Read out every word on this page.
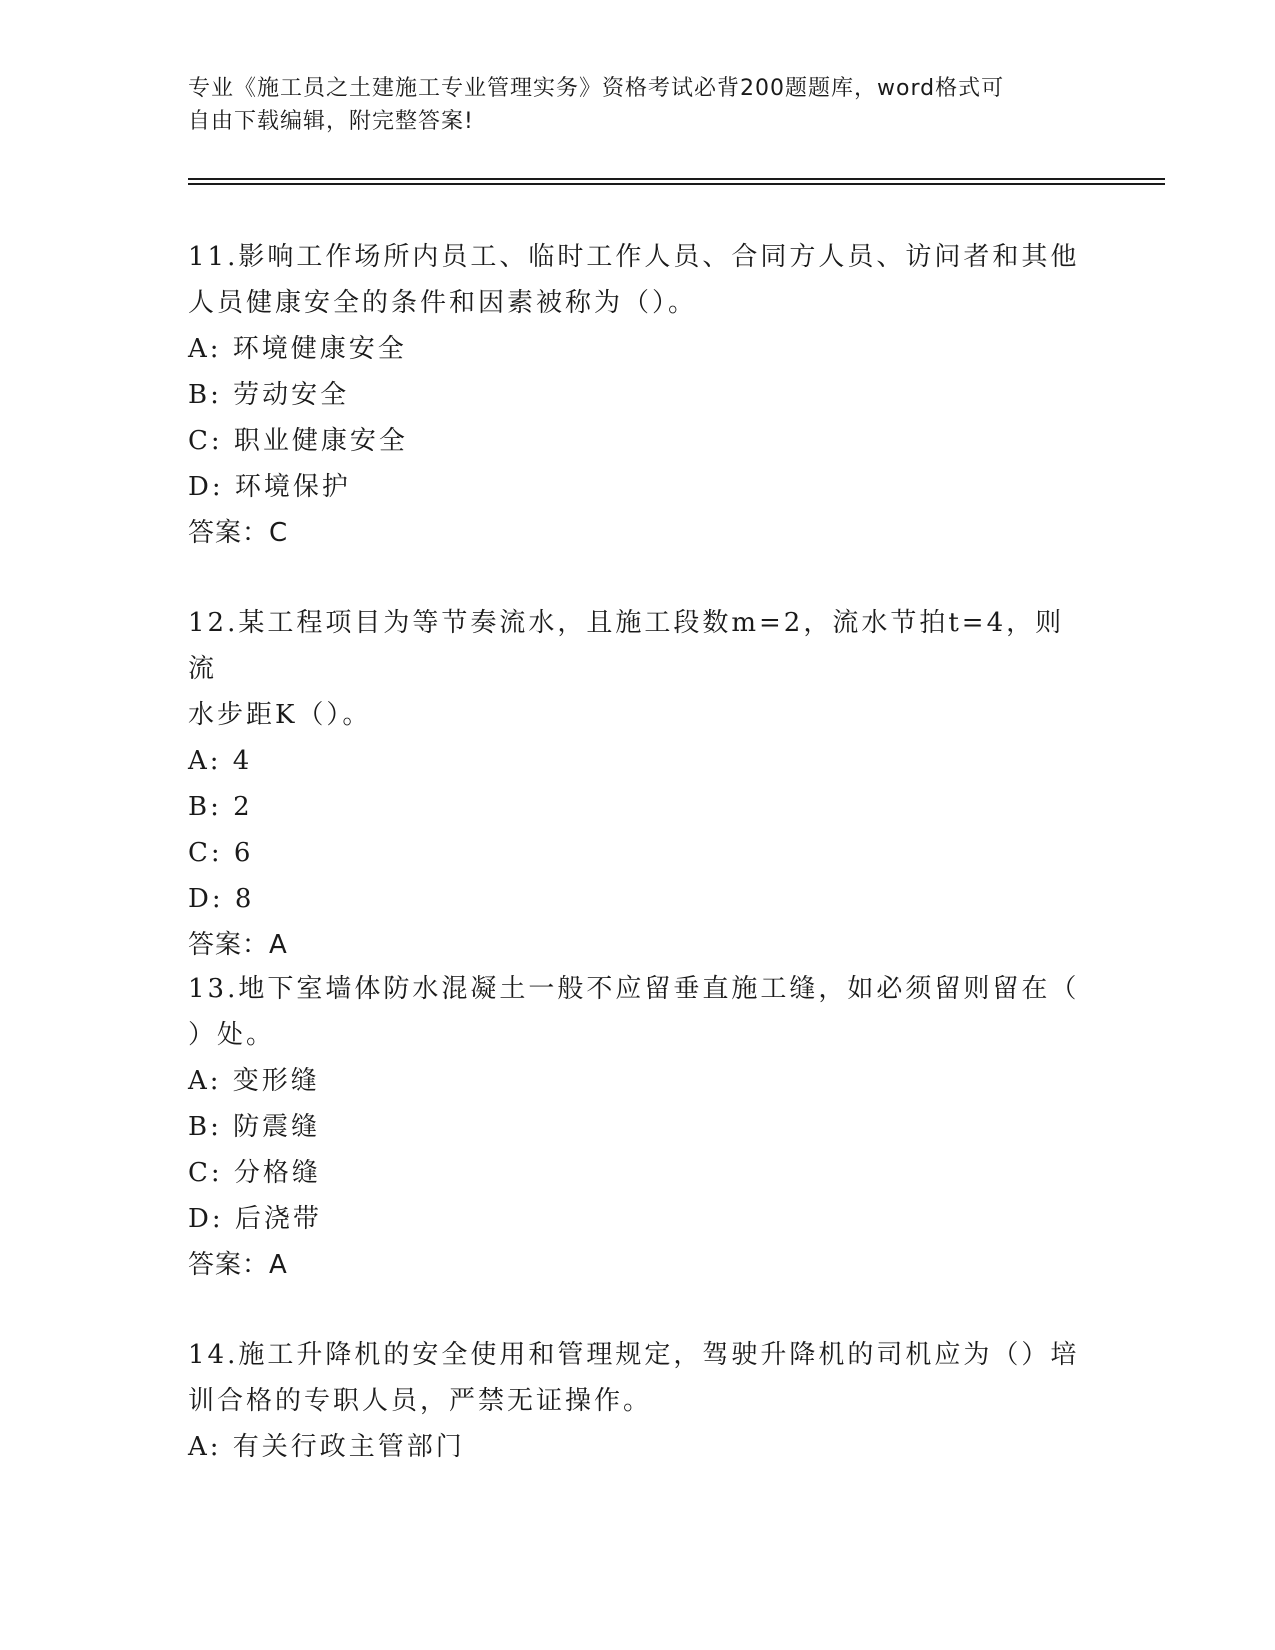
专业《施工员之土建施工专业管理实务》资格考试必背200题题库，word格式可
自由下载编辑，附完整答案!

11.影响工作场所内员工、临时工作人员、合同方人员、访问者和其他

人员健康安全的条件和因素被称为（）。

A: 环境健康安全

B: 劳动安全

C: 职业健康安全

D: 环境保护

答案：C

12.某工程项目为等节奏流水，且施工段数m=2，流水节拍t=4，则流

水步距K（）。

A: 4

B: 2

C: 6

D: 8

答案：A

13.地下室墙体防水混凝土一般不应留垂直施工缝，如必须留则留在（

）处。

A: 变形缝

B: 防震缝

C: 分格缝

D: 后浇带

答案：A

14.施工升降机的安全使用和管理规定，驾驶升降机的司机应为（）培

训合格的专职人员，严禁无证操作。

A: 有关行政主管部门
